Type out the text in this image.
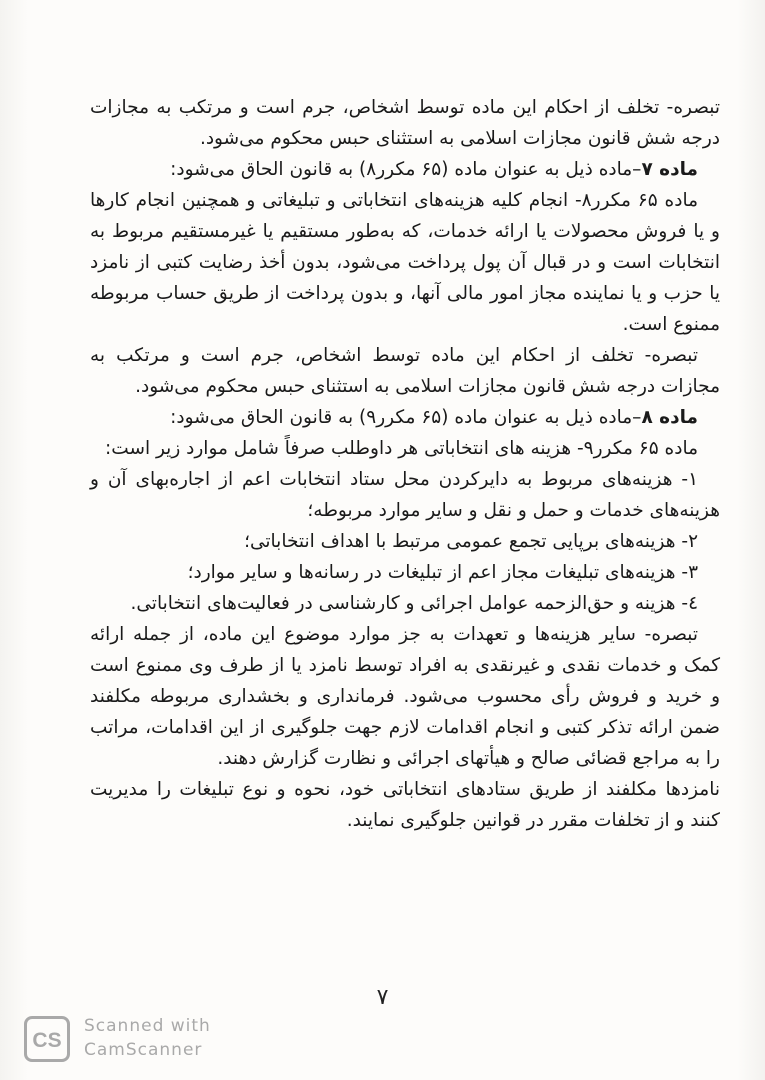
تبصره- تخلف از احکام این ماده توسط اشخاص، جرم است و مرتکب به مجازات درجه شش قانون مجازات اسلامی به استثنای حبس محکوم می‌شود.

ماده ۷–ماده ذیل به عنوان ماده (۶۵ مکرر۸) به قانون الحاق می‌شود:

ماده ۶۵ مکرر۸- انجام کلیه هزینه‌های انتخاباتی و تبلیغاتی و همچنین انجام کارها و یا فروش محصولات یا ارائه خدمات، که به‌طور مستقیم یا غیرمستقیم مربوط به انتخابات است و در قبال آن پول پرداخت می‌شود، بدون أخذ رضایت کتبی از نامزد یا حزب و یا نماینده مجاز امور مالی آنها، و بدون پرداخت از طریق حساب مربوطه ممنوع است.

تبصره- تخلف از احکام این ماده توسط اشخاص، جرم است و مرتکب به مجازات درجه شش قانون مجازات اسلامی به استثنای حبس محکوم می‌شود.

ماده ۸–ماده ذیل به عنوان ماده (۶۵ مکرر۹) به قانون الحاق می‌شود:

ماده ۶۵ مکرر۹- هزینه های انتخاباتی هر داوطلب صرفاً شامل موارد زیر است:

۱- هزینه‌های مربوط به دایرکردن محل ستاد انتخابات اعم از اجاره‌بهای آن و هزینه‌های خدمات و حمل و نقل و سایر موارد مربوطه؛

۲- هزینه‌های برپایی تجمع عمومی مرتبط با اهداف انتخاباتی؛

۳- هزینه‌های تبلیغات مجاز اعم از تبلیغات در رسانه‌ها و سایر موارد؛

٤- هزینه و حق‌الزحمه عوامل اجرائی و کارشناسی در فعالیت‌های انتخاباتی.

تبصره- سایر هزینه‌ها و تعهدات به جز موارد موضوع این ماده، از جمله ارائه کمک و خدمات نقدی و غیرنقدی به افراد توسط نامزد یا از طرف وی ممنوع است و خرید و فروش رأی محسوب می‌شود. فرمانداری و بخشداری مربوطه مکلفند ضمن ارائه تذکر کتبی و انجام اقدامات لازم جهت جلوگیری از این اقدامات، مراتب را به مراجع قضائی صالح و هیأتهای اجرائی و نظارت گزارش دهند.

نامزدها مکلفند از طریق ستادهای انتخاباتی خود، نحوه و نوع تبلیغات را مدیریت کنند و از تخلفات مقرر در قوانین جلوگیری نمایند.

۷
CS
Scanned with
CamScanner
